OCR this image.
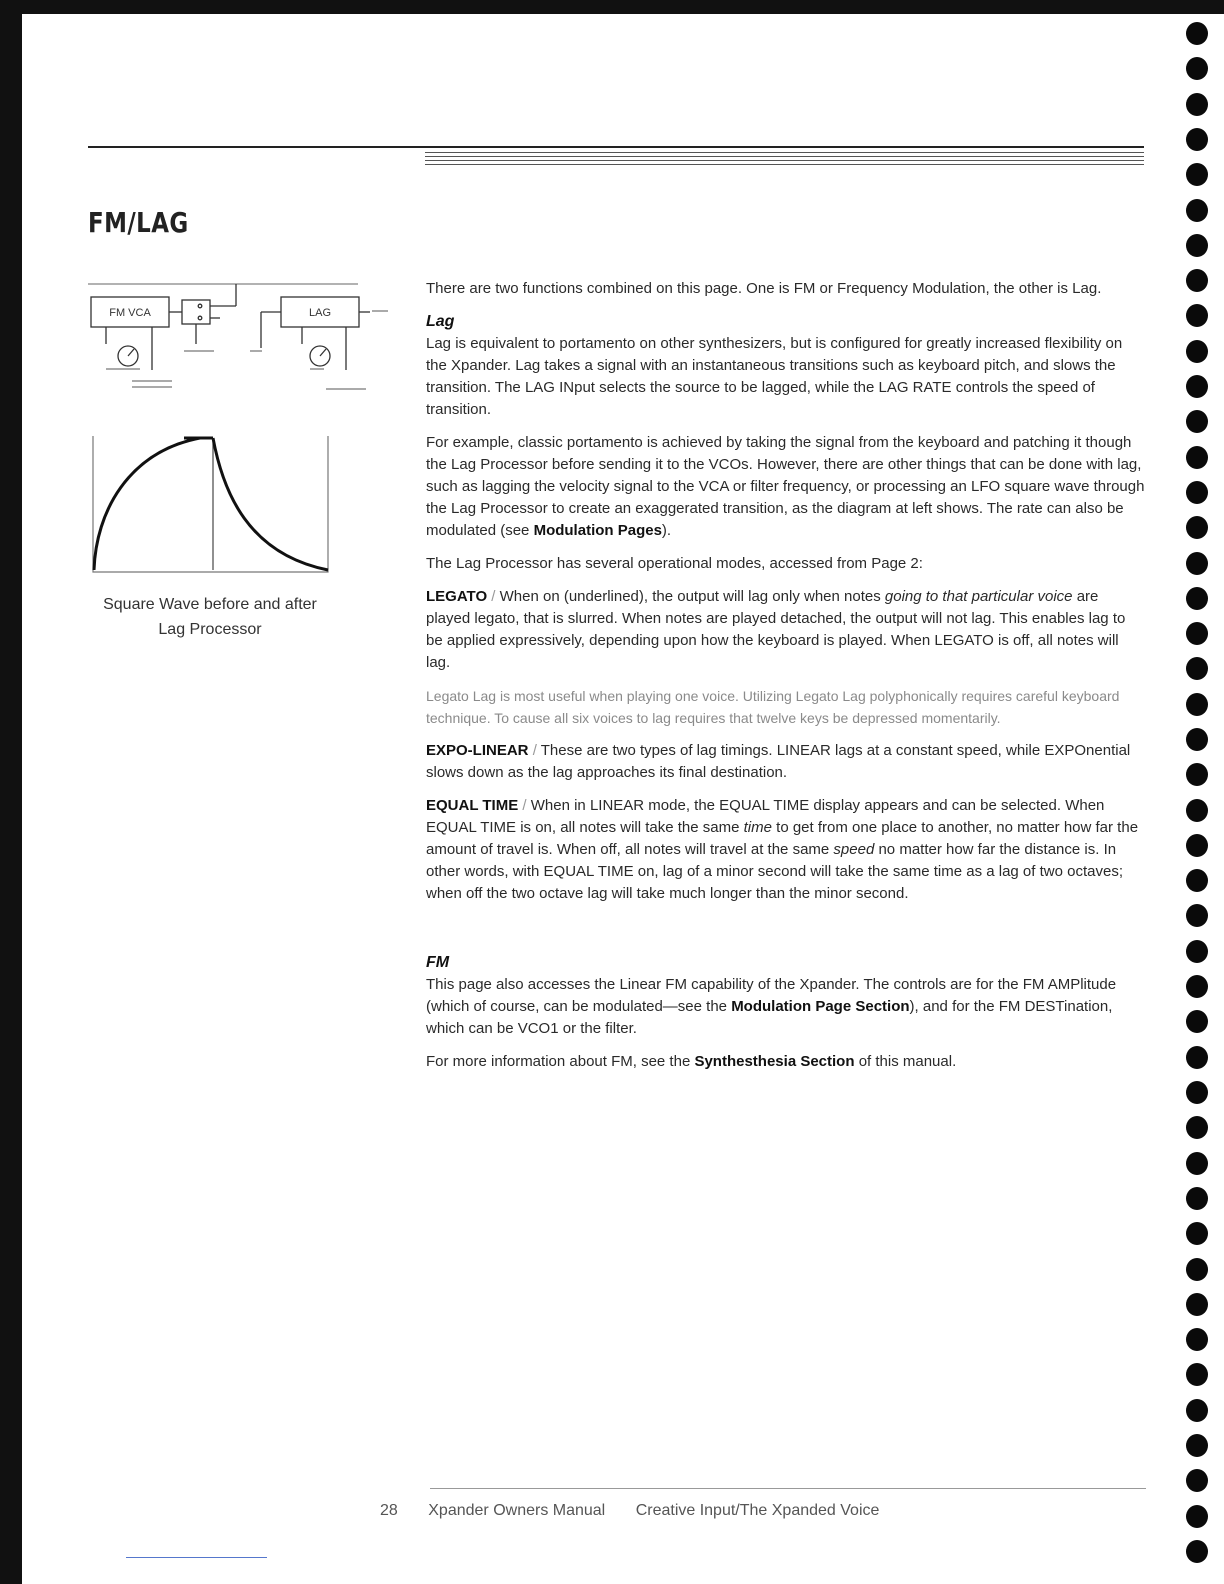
FM/LAG
FM VCA	LAG
Square Wave before and after Lag Processor

There are two functions combined on this page. One is FM or Frequency Modulation, the other is Lag.

Lag

Lag is equivalent to portamento on other synthesizers, but is configured for greatly increased flexibility on the Xpander. Lag takes a signal with an instantaneous transitions such as keyboard pitch, and slows the transition. The LAG INput selects the source to be lagged, while the LAG RATE controls the speed of transition.

For example, classic portamento is achieved by taking the signal from the keyboard and patching it though the Lag Processor before sending it to the VCOs. However, there are other things that can be done with lag, such as lagging the velocity signal to the VCA or filter frequency, or processing an LFO square wave through the Lag Processor to create an exaggerated transition, as the diagram at left shows. The rate can also be modulated (see Modulation Pages).

The Lag Processor has several operational modes, accessed from Page 2:

LEGATO / When on (underlined), the output will lag only when notes going to that particular voice are played legato, that is slurred. When notes are played detached, the output will not lag. This enables lag to be applied expressively, depending upon how the keyboard is played. When LEGATO is off, all notes will lag.

Legato Lag is most useful when playing one voice. Utilizing Legato Lag polyphonically requires careful keyboard technique. To cause all six voices to lag requires that twelve keys be depressed momentarily.

EXPO-LINEAR / These are two types of lag timings. LINEAR lags at a constant speed, while EXPOnential slows down as the lag approaches its final destination.

EQUAL TIME / When in LINEAR mode, the EQUAL TIME display appears and can be selected. When EQUAL TIME is on, all notes will take the same time to get from one place to another, no matter how far the amount of travel is. When off, all notes will travel at the same speed no matter how far the distance is. In other words, with EQUAL TIME on, lag of a minor second will take the same time as a lag of two octaves; when off the two octave lag will take much longer than the minor second.

FM

This page also accesses the Linear FM capability of the Xpander. The controls are for the FM AMPlitude (which of course, can be modulated—see the Modulation Page Section), and for the FM DESTination, which can be VCO1 or the filter.

For more information about FM, see the Synthesthesia Section of this manual.

28 Xpander Owners Manual Creative Input/The Xpanded Voice
